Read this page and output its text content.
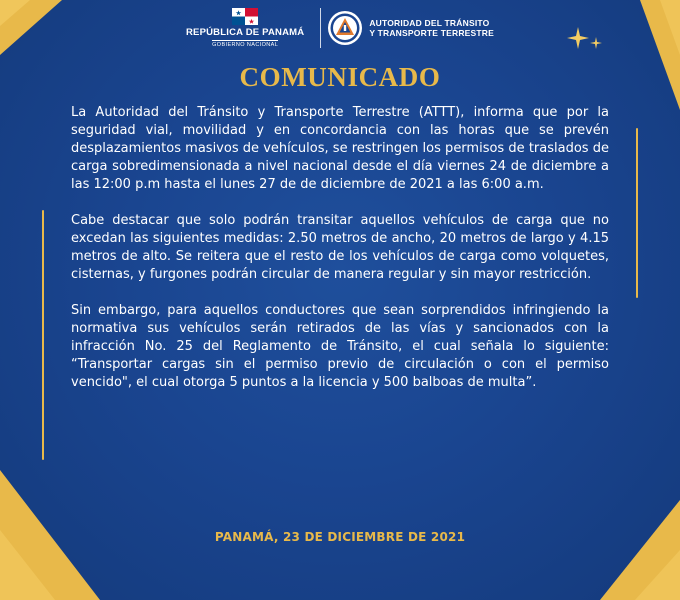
REPÚBLICA DE PANAMÁ
GOBIERNO NACIONAL
AUTORIDAD DEL TRÁNSITO
Y TRANSPORTE TERRESTRE
COMUNICADO

La Autoridad del Tránsito y Transporte Terrestre (ATTT), informa que por la seguridad vial, movilidad y en concordancia con las horas que se prevén desplazamientos masivos de vehículos, se restringen los permisos de traslados de carga sobredimensionada a nivel nacional desde el día viernes 24 de diciembre a las 12:00 p.m hasta el lunes 27 de de diciembre de 2021 a las 6:00 a.m.

Cabe destacar que solo podrán transitar aquellos vehículos de carga que no excedan las siguientes medidas: 2.50 metros de ancho, 20 metros de largo y 4.15 metros de alto. Se reitera que el resto de los vehículos de carga como volquetes, cisternas, y furgones podrán circular de manera regular y sin mayor restricción.

Sin embargo, para aquellos conductores que sean sorprendidos infringiendo la normativa sus vehículos serán retirados de las vías y sancionados con la infracción No. 25 del Reglamento de Tránsito, el cual señala lo siguiente: “Transportar cargas sin el permiso previo de circulación o con el permiso vencido", el cual otorga 5 puntos a la licencia y 500 balboas de multa”.

PANAMÁ, 23 DE DICIEMBRE DE 2021
